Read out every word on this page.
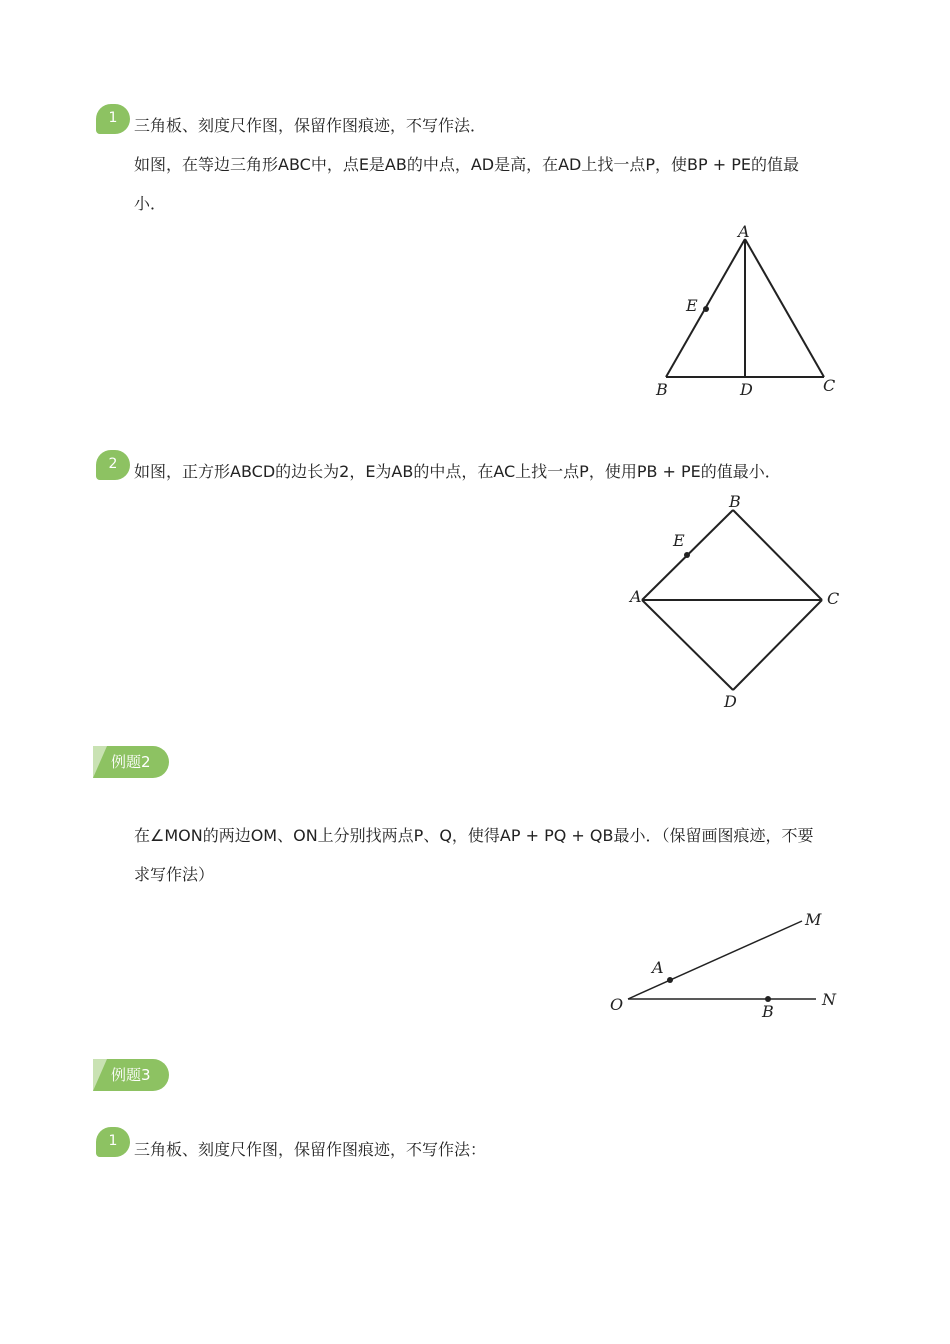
1	三角板、刻度尺作图，保留作图痕迹，不写作法．
如图，在等边三角形ABC中，点E是AB的中点，AD是高，在AD上找一点P，使BP + PE的值最
小．
A
B	C
D
E
2	如图，正方形ABCD的边长为2，E为AB的中点，在AC上找一点P，使用PB + PE的值最小．
B
A	C
D
E
例题2
在∠MON的两边OM、ON上分别找两点P、Q，使得AP + PQ + QB最小．（保留画图痕迹，不要
求写作法）
O
M
N
A
B
例题3
1	三角板、刻度尺作图，保留作图痕迹，不写作法：
